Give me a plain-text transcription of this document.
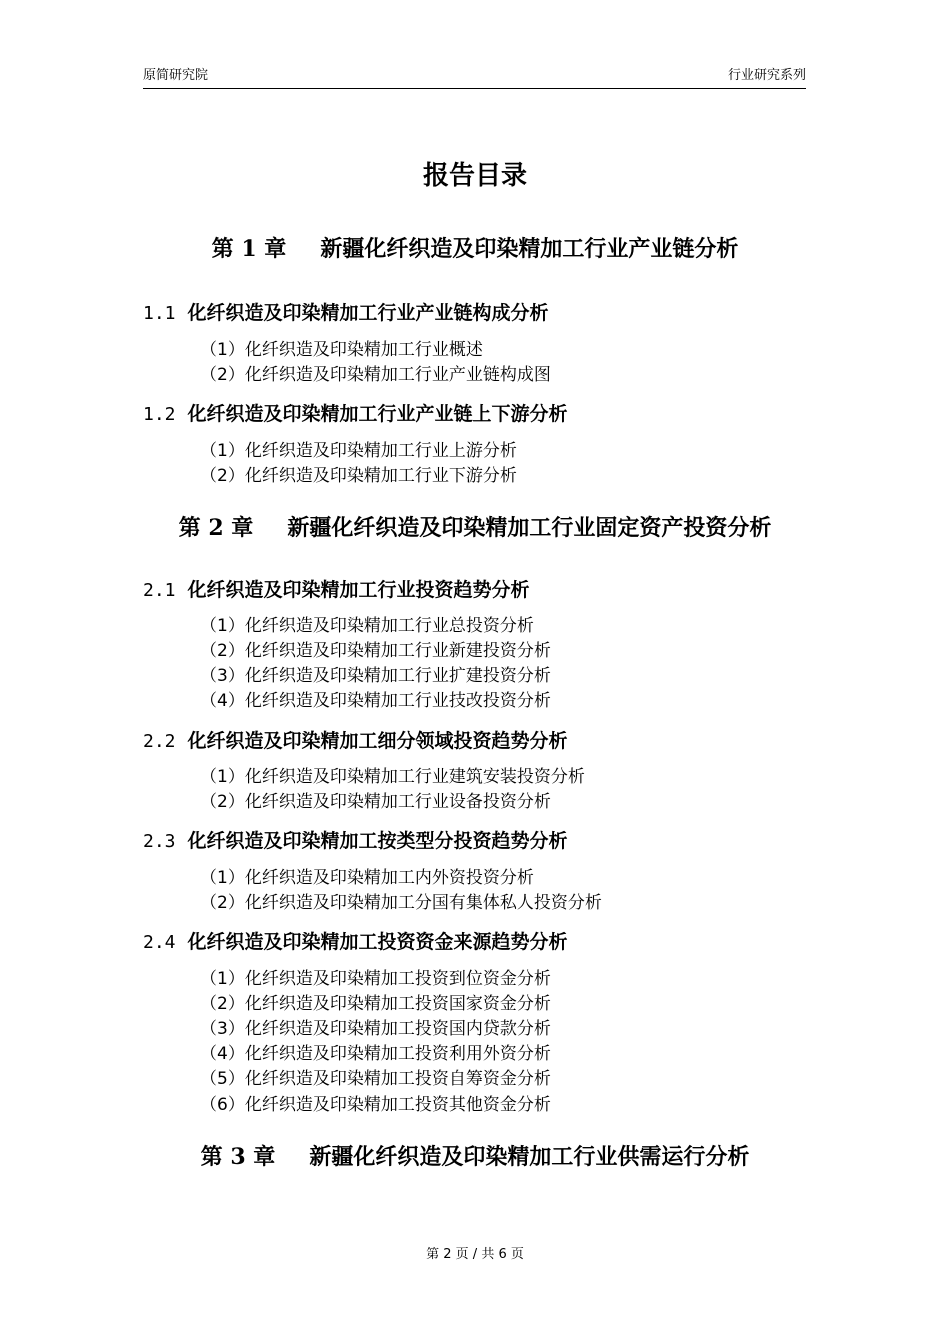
原简研究院	行业研究系列
报告目录
第 1 章 新疆化纤织造及印染精加工行业产业链分析
1.1 化纤织造及印染精加工行业产业链构成分析
（1）化纤织造及印染精加工行业概述
（2）化纤织造及印染精加工行业产业链构成图
1.2 化纤织造及印染精加工行业产业链上下游分析
（1）化纤织造及印染精加工行业上游分析
（2）化纤织造及印染精加工行业下游分析
第 2 章 新疆化纤织造及印染精加工行业固定资产投资分析
2.1 化纤织造及印染精加工行业投资趋势分析
（1）化纤织造及印染精加工行业总投资分析
（2）化纤织造及印染精加工行业新建投资分析
（3）化纤织造及印染精加工行业扩建投资分析
（4）化纤织造及印染精加工行业技改投资分析
2.2 化纤织造及印染精加工细分领域投资趋势分析
（1）化纤织造及印染精加工行业建筑安装投资分析
（2）化纤织造及印染精加工行业设备投资分析
2.3 化纤织造及印染精加工按类型分投资趋势分析
（1）化纤织造及印染精加工内外资投资分析
（2）化纤织造及印染精加工分国有集体私人投资分析
2.4 化纤织造及印染精加工投资资金来源趋势分析
（1）化纤织造及印染精加工投资到位资金分析
（2）化纤织造及印染精加工投资国家资金分析
（3）化纤织造及印染精加工投资国内贷款分析
（4）化纤织造及印染精加工投资利用外资分析
（5）化纤织造及印染精加工投资自筹资金分析
（6）化纤织造及印染精加工投资其他资金分析
第 3 章 新疆化纤织造及印染精加工行业供需运行分析
第 2 页 / 共 6 页
